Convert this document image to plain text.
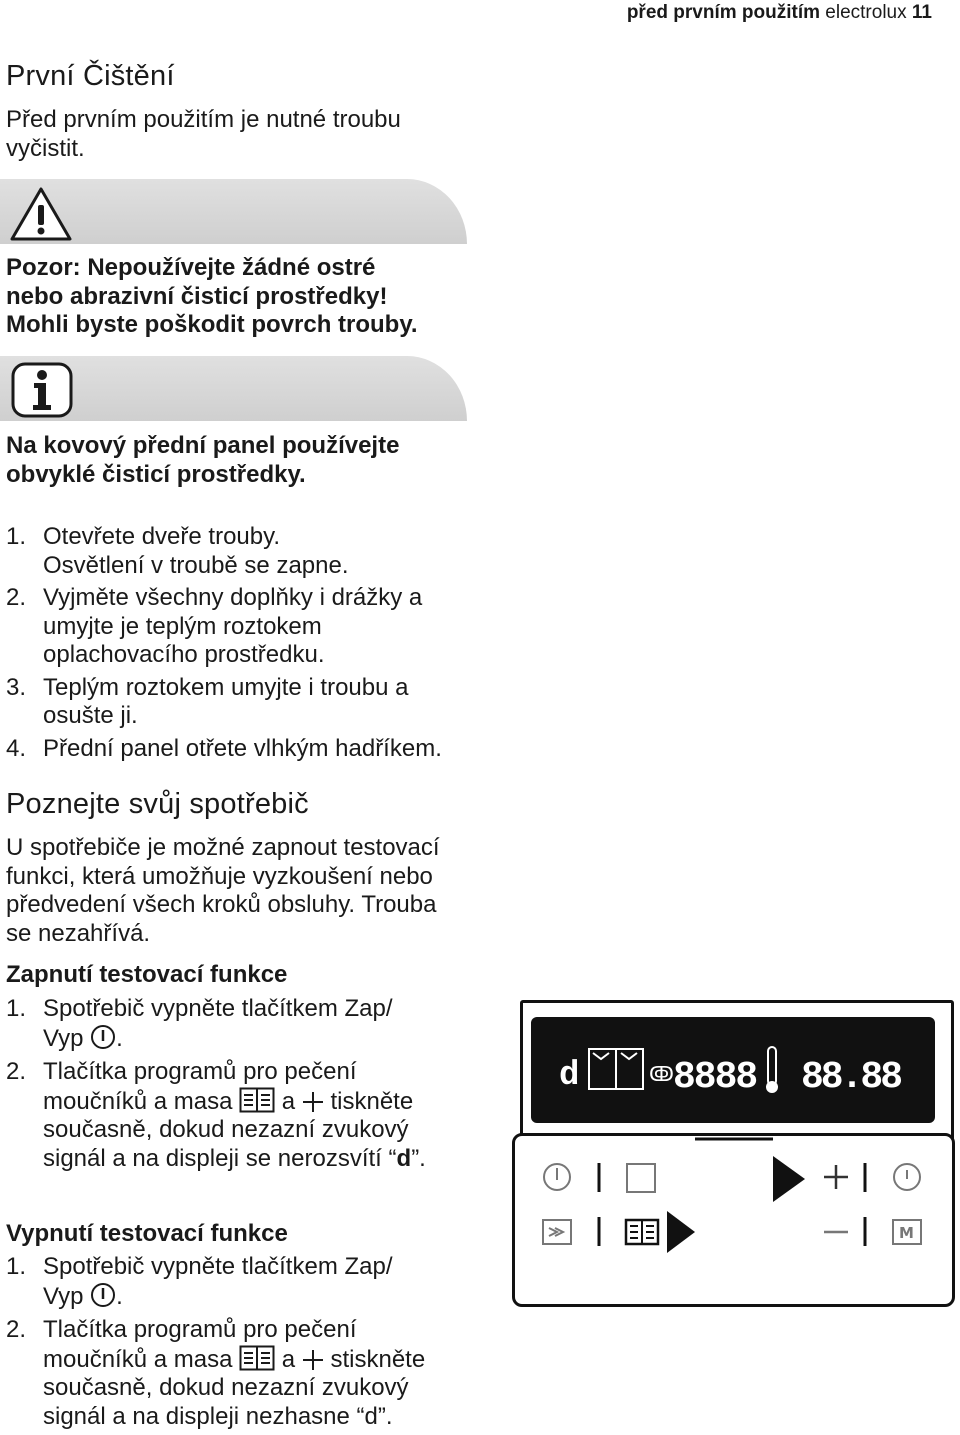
před prvním použitím electrolux 11
První Čištění
Před prvním použitím je nutné troubu vyčistit.
Pozor: Nepoužívejte žádné ostré
nebo abrazivní čisticí prostředky!
Mohli byste poškodit povrch trouby.
Na kovový přední panel používejte
obvyklé čisticí prostředky.
1. Otevřete dveře trouby.
Osvětlení v troubě se zapne.
2. Vyjměte všechny doplňky i drážky a
umyjte je teplým roztokem
oplachovacího prostředku.
3. Teplým roztokem umyjte i troubu a
osušte ji.
4. Přední panel otřete vlhkým hadříkem.
Poznejte svůj spotřebič
U spotřebiče je možné zapnout testovací
funkci, která umožňuje vyzkoušení nebo
předvedení všech kroků obsluhy. Trouba
se nezahřívá.
Zapnutí testovací funkce
1. Spotřebič vypněte tlačítkem Zap/
Vyp .
2. Tlačítka programů pro pečení
moučníků a masa a tiskněte
současně, dokud nezazní zvukový
signál a na displeji se nerozsvítí “d”.
Vypnutí testovací funkce
1. Spotřebič vypněte tlačítkem Zap/
Vyp .
2. Tlačítka programů pro pečení
moučníků a masa a stiskněte
současně, dokud nezazní zvukový
signál a na displeji nezhasne “d”.
d	ↂ 8888 88.88
M
